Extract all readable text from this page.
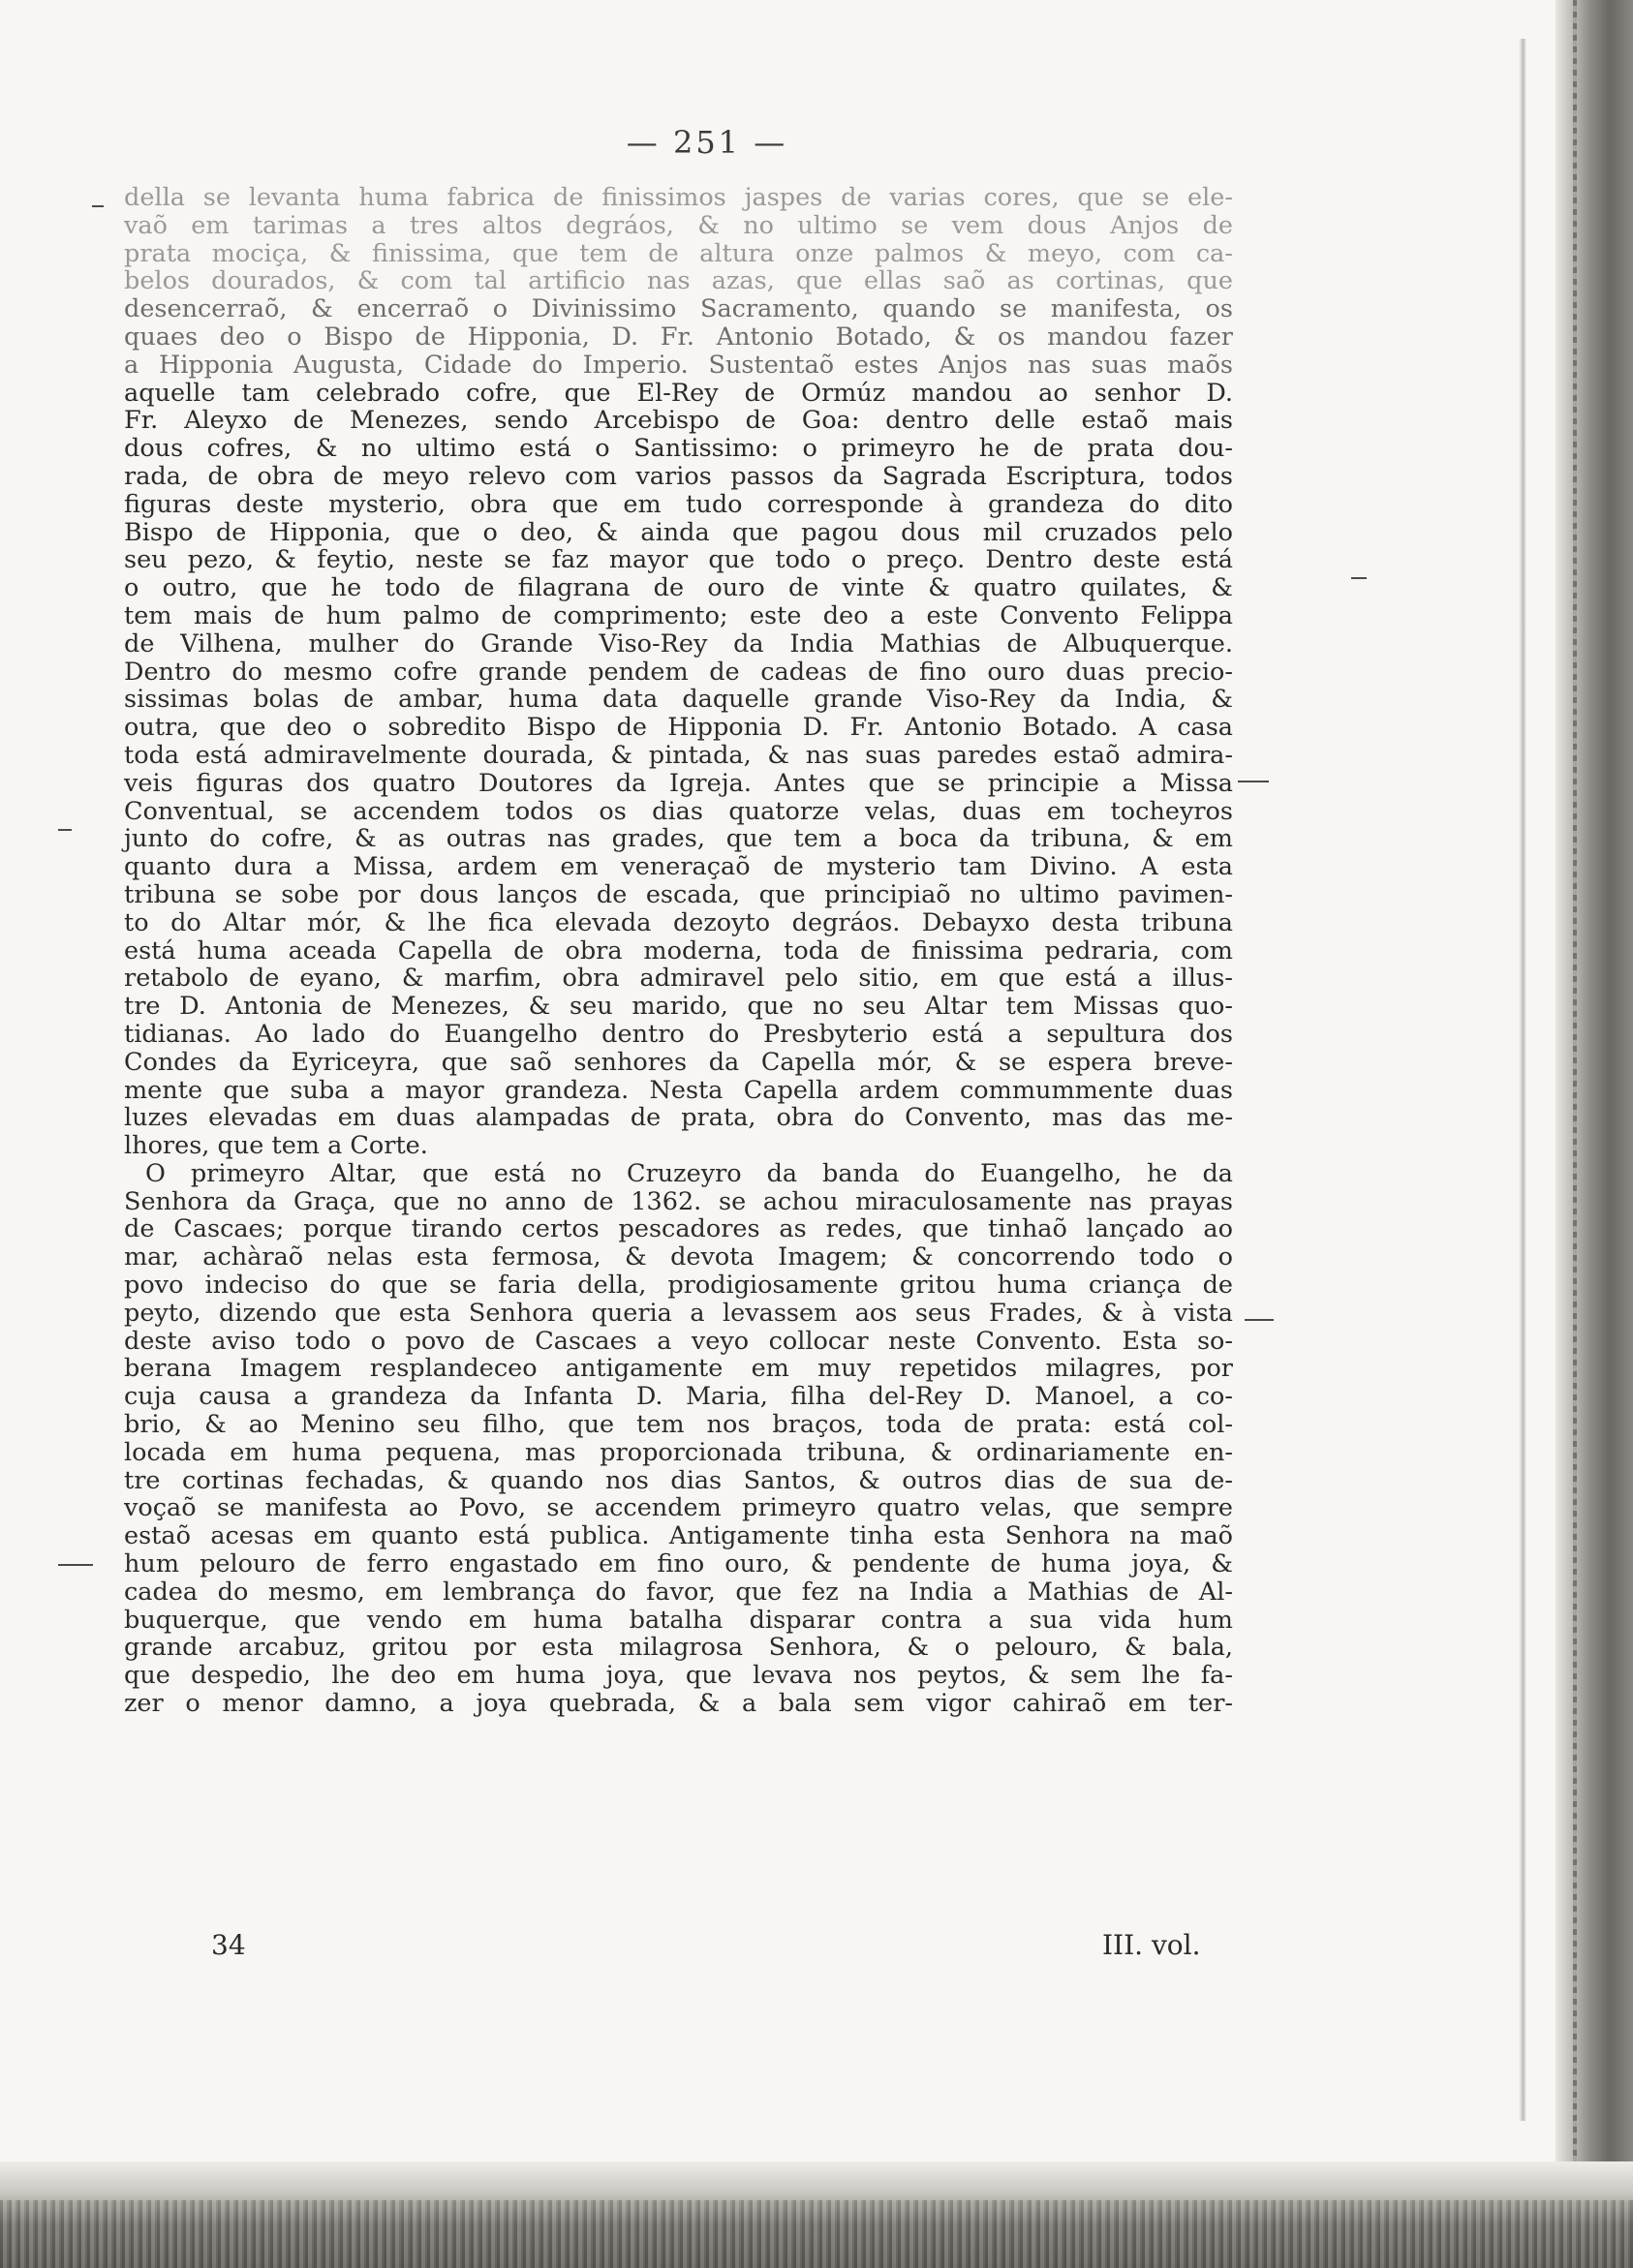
— 251 —
della se levanta huma fabrica de finissimos jaspes de varias cores, que se ele-
vaõ em tarimas a tres altos degráos, & no ultimo se vem dous Anjos de
prata mociça, & finissima, que tem de altura onze palmos & meyo, com ca-
belos dourados, & com tal artificio nas azas, que ellas saõ as cortinas, que
desencerraõ, & encerraõ o Divinissimo Sacramento, quando se manifesta, os
quaes deo o Bispo de Hipponia, D. Fr. Antonio Botado, & os mandou fazer
a Hipponia Augusta, Cidade do Imperio. Sustentaõ estes Anjos nas suas maõs
aquelle tam celebrado cofre, que El-Rey de Ormúz mandou ao senhor D.
Fr. Aleyxo de Menezes, sendo Arcebispo de Goa: dentro delle estaõ mais
dous cofres, & no ultimo está o Santissimo: o primeyro he de prata dou-
rada, de obra de meyo relevo com varios passos da Sagrada Escriptura, todos
figuras deste mysterio, obra que em tudo corresponde à grandeza do dito
Bispo de Hipponia, que o deo, & ainda que pagou dous mil cruzados pelo
seu pezo, & feytio, neste se faz mayor que todo o preço. Dentro deste está
o outro, que he todo de filagrana de ouro de vinte & quatro quilates, &
tem mais de hum palmo de comprimento; este deo a este Convento Felippa
de Vilhena, mulher do Grande Viso-Rey da India Mathias de Albuquerque.
Dentro do mesmo cofre grande pendem de cadeas de fino ouro duas precio-
sissimas bolas de ambar, huma data daquelle grande Viso-Rey da India, &
outra, que deo o sobredito Bispo de Hipponia D. Fr. Antonio Botado. A casa
toda está admiravelmente dourada, & pintada, & nas suas paredes estaõ admira-
veis figuras dos quatro Doutores da Igreja. Antes que se principie a Missa
Conventual, se accendem todos os dias quatorze velas, duas em tocheyros
junto do cofre, & as outras nas grades, que tem a boca da tribuna, & em
quanto dura a Missa, ardem em veneraçaõ de mysterio tam Divino. A esta
tribuna se sobe por dous lanços de escada, que principiaõ no ultimo pavimen-
to do Altar mór, & lhe fica elevada dezoyto degráos. Debayxo desta tribuna
está huma aceada Capella de obra moderna, toda de finissima pedraria, com
retabolo de eyano, & marfim, obra admiravel pelo sitio, em que está a illus-
tre D. Antonia de Menezes, & seu marido, que no seu Altar tem Missas quo-
tidianas. Ao lado do Euangelho dentro do Presbyterio está a sepultura dos
Condes da Eyriceyra, que saõ senhores da Capella mór, & se espera breve-
mente que suba a mayor grandeza. Nesta Capella ardem commummente duas
luzes elevadas em duas alampadas de prata, obra do Convento, mas das me-
lhores, que tem a Corte.
O primeyro Altar, que está no Cruzeyro da banda do Euangelho, he da
Senhora da Graça, que no anno de 1362. se achou miraculosamente nas prayas
de Cascaes; porque tirando certos pescadores as redes, que tinhaõ lançado ao
mar, achàraõ nelas esta fermosa, & devota Imagem; & concorrendo todo o
povo indeciso do que se faria della, prodigiosamente gritou huma criança de
peyto, dizendo que esta Senhora queria a levassem aos seus Frades, & à vista
deste aviso todo o povo de Cascaes a veyo collocar neste Convento. Esta so-
berana Imagem resplandeceo antigamente em muy repetidos milagres, por
cuja causa a grandeza da Infanta D. Maria, filha del-Rey D. Manoel, a co-
brio, & ao Menino seu filho, que tem nos braços, toda de prata: está col-
locada em huma pequena, mas proporcionada tribuna, & ordinariamente en-
tre cortinas fechadas, & quando nos dias Santos, & outros dias de sua de-
voçaõ se manifesta ao Povo, se accendem primeyro quatro velas, que sempre
estaõ acesas em quanto está publica. Antigamente tinha esta Senhora na maõ
hum pelouro de ferro engastado em fino ouro, & pendente de huma joya, &
cadea do mesmo, em lembrança do favor, que fez na India a Mathias de Al-
buquerque, que vendo em huma batalha disparar contra a sua vida hum
grande arcabuz, gritou por esta milagrosa Senhora, & o pelouro, & bala,
que despedio, lhe deo em huma joya, que levava nos peytos, & sem lhe fa-
zer o menor damno, a joya quebrada, & a bala sem vigor cahiraõ em ter-
34	III. vol.
